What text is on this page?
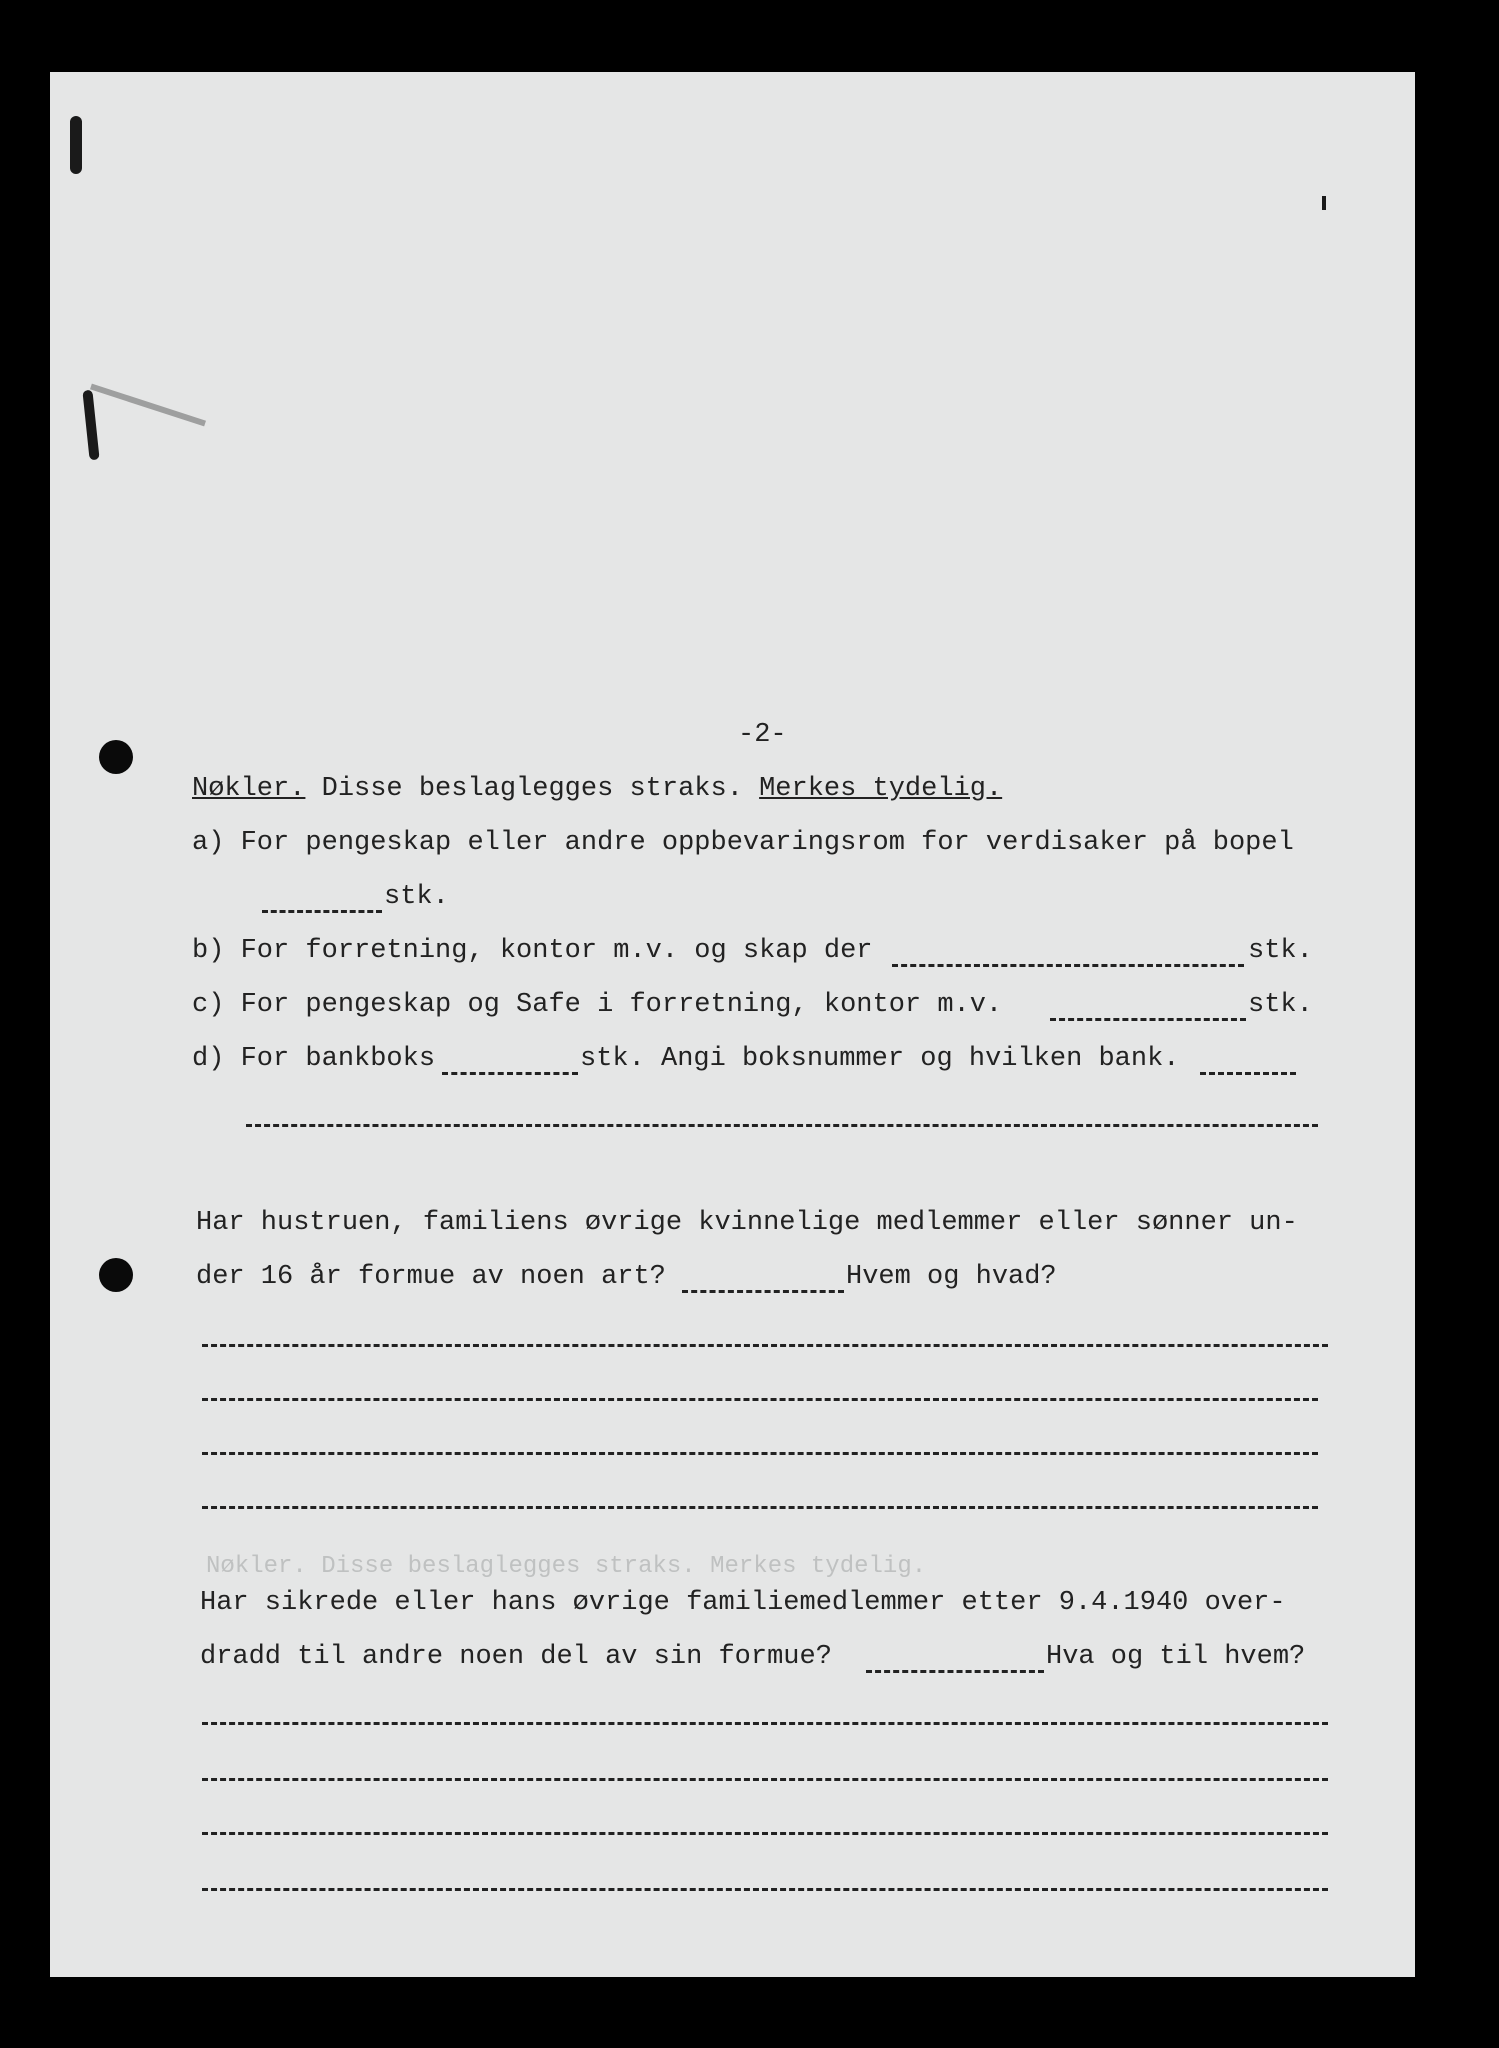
-2-

Nøkler. Disse beslaglegges straks. Merkes tydelig.

a) For pengeskap eller andre oppbevaringsrom for verdisaker på bopel

stk.

b) For forretning, kontor m.v. og skap der	stk.

c) For pengeskap og Safe i forretning, kontor m.v.	stk.

d) For bankboks	stk. Angi boksnummer og hvilken bank.

Har hustruen, familiens øvrige kvinnelige medlemmer eller sønner un-

der 16 år formue av noen art?	Hvem og hvad?

Nøkler. Disse beslaglegges straks. Merkes tydelig.

Har sikrede eller hans øvrige familiemedlemmer etter 9.4.1940 over-

dradd til andre noen del av sin formue?	Hva og til hvem?
